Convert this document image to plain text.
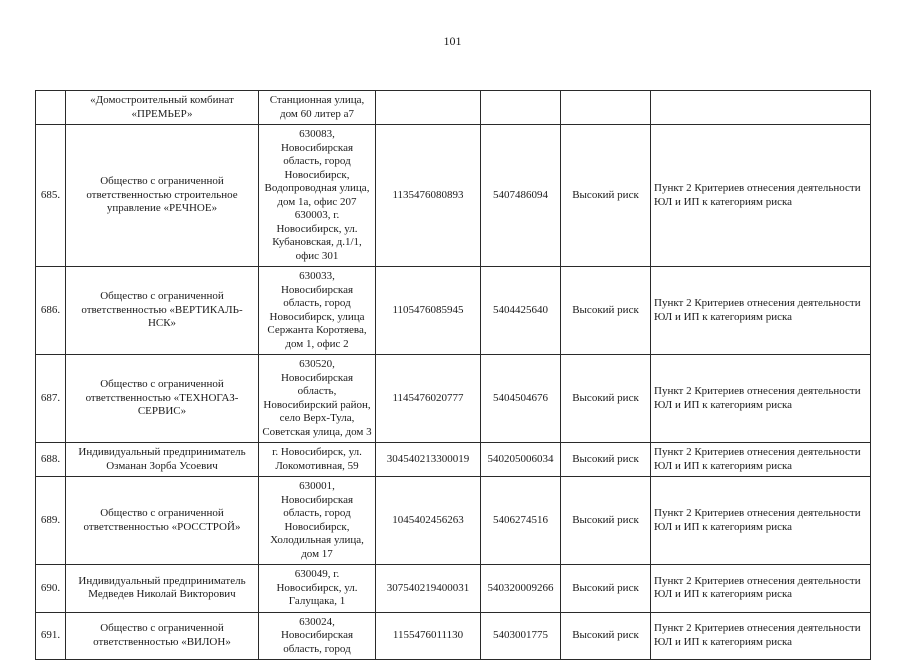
101
	«Домостроительный комбинат
«ПРЕМЬЕР»	Станционная улица,
дом 60 литер а7				
685.	Общество с ограниченной
ответственностью строительное
управление «РЕЧНОЕ»	630083, Новосибирская
область, город
Новосибирск,
Водопроводная улица,
дом 1а, офис 207
630003, г.
Новосибирск, ул.
Кубановская, д.1/1,
офис 301	1135476080893	5407486094	Высокий риск	Пункт 2 Критериев отнесения деятельности
ЮЛ и ИП к категориям риска
686.	Общество с ограниченной
ответственностью «ВЕРТИКАЛЬ-
НСК»	630033, Новосибирская
область, город
Новосибирск, улица
Сержанта Коротяева,
дом 1, офис 2	1105476085945	5404425640	Высокий риск	Пункт 2 Критериев отнесения деятельности
ЮЛ и ИП к категориям риска
687.	Общество с ограниченной
ответственностью «ТЕХНОГАЗ-
СЕРВИС»	630520, Новосибирская
область,
Новосибирский район,
село Верх-Тула,
Советская улица, дом 3	1145476020777	5404504676	Высокий риск	Пункт 2 Критериев отнесения деятельности
ЮЛ и ИП к категориям риска
688.	Индивидуальный предприниматель
Озманан Зорба Усоевич	г. Новосибирск, ул.
Локомотивная, 59	304540213300019	540205006034	Высокий риск	Пункт 2 Критериев отнесения деятельности
ЮЛ и ИП к категориям риска
689.	Общество с ограниченной
ответственностью «РОССТРОЙ»	630001, Новосибирская
область, город
Новосибирск,
Холодильная улица,
дом 17	1045402456263	5406274516	Высокий риск	Пункт 2 Критериев отнесения деятельности
ЮЛ и ИП к категориям риска
690.	Индивидуальный предприниматель
Медведев Николай Викторович	630049, г.
Новосибирск, ул.
Галущака, 1	307540219400031	540320009266	Высокий риск	Пункт 2 Критериев отнесения деятельности
ЮЛ и ИП к категориям риска
691.	Общество с ограниченной
ответственностью «ВИЛОН»	630024, Новосибирская
область, город	1155476011130	5403001775	Высокий риск	Пункт 2 Критериев отнесения деятельности
ЮЛ и ИП к категориям риска
